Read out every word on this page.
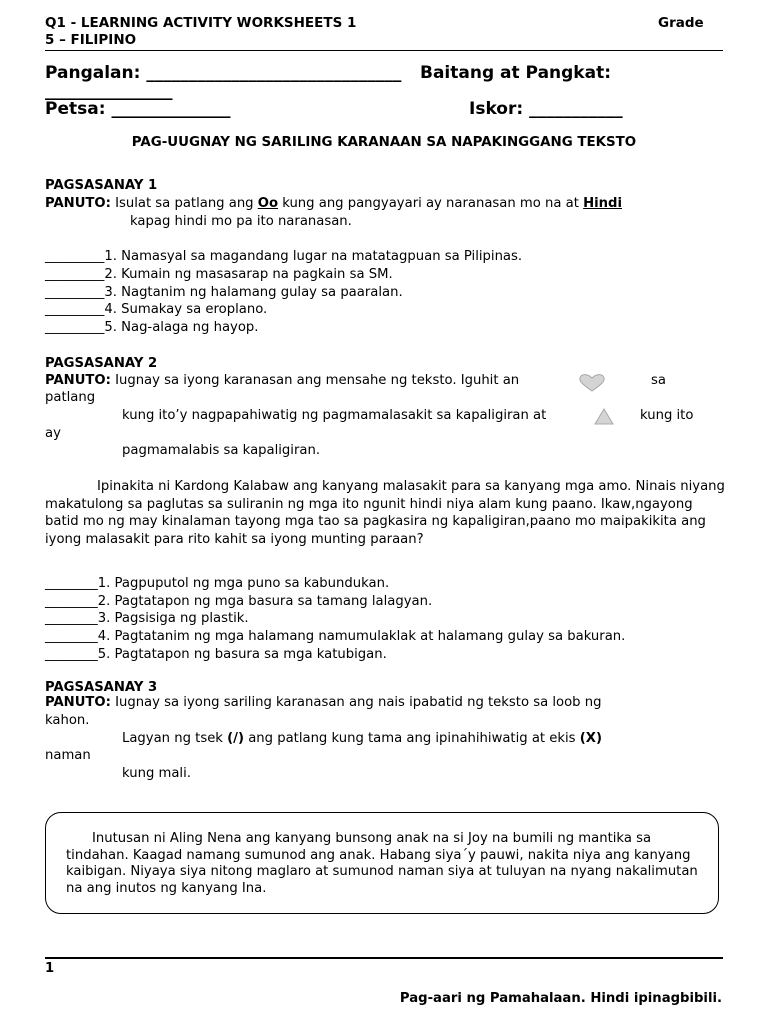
Q1 - LEARNING ACTIVITY WORKSHEETS 1	Grade
5 – FILIPINO
Pangalan: ______________________________ Baitang at Pangkat:
_______________
Petsa: ______________	Iskor: ___________
PAG-UUGNAY NG SARILING KARANAAN SA NAPAKINGGANG TEKSTO
PAGSASANAY 1
PANUTO: Isulat sa patlang ang Oo kung ang pangyayari ay naranasan mo na at Hindi
kapag hindi mo pa ito naranasan.
_________1. Namasyal sa magandang lugar na matatagpuan sa Pilipinas.
_________2. Kumain ng masasarap na pagkain sa SM.
_________3. Nagtanim ng halamang gulay sa paaralan.
_________4. Sumakay sa eroplano.
_________5. Nag-alaga ng hayop.
PAGSASANAY 2
PANUTO: Iugnay sa iyong karanasan ang mensahe ng teksto. Iguhit an	sa
patlang
kung ito’y nagpapahiwatig ng pagmamalasakit sa kapaligiran at	kung ito
ay
pagmamalabis sa kapaligiran.
Ipinakita ni Kardong Kalabaw ang kanyang malasakit para sa kanyang mga amo. Ninais niyang makatulong sa paglutas sa suliranin ng mga ito ngunit hindi niya alam kung paano. Ikaw,ngayong batid mo ng may kinalaman tayong mga tao sa pagkasira ng kapaligiran,paano mo maipakikita ang iyong malasakit para rito kahit sa iyong munting paraan?
________1. Pagpuputol ng mga puno sa kabundukan.
________2. Pagtatapon ng mga basura sa tamang lalagyan.
________3. Pagsisiga ng plastik.
________4. Pagtatanim ng mga halamang namumulaklak at halamang gulay sa bakuran.
________5. Pagtatapon ng basura sa mga katubigan.
PAGSASANAY 3
PANUTO: Iugnay sa iyong sariling karanasan ang nais ipabatid ng teksto sa loob ng
kahon.
Lagyan ng tsek (/) ang patlang kung tama ang ipinahihiwatig at ekis (X)
naman
kung mali.
Inutusan ni Aling Nena ang kanyang bunsong anak na si Joy na bumili ng mantika sa tindahan. Kaagad namang sumunod ang anak. Habang siya´y pauwi, nakita niya ang kanyang kaibigan. Niyaya siya nitong maglaro at sumunod naman siya at tuluyan na nyang nakalimutan na ang inutos ng kanyang Ina.
1
Pag-aari ng Pamahalaan. Hindi ipinagbibili.
